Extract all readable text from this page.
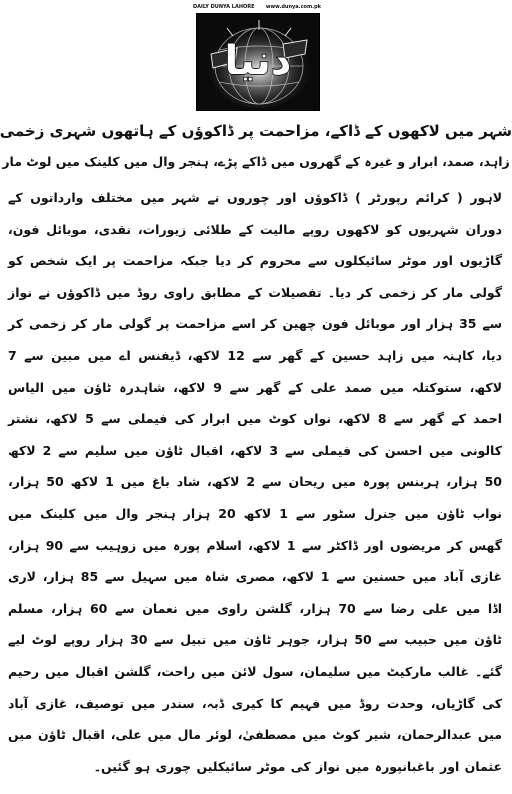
DAILY DUNYA LAHORE www.dunya.com.pk
دنیا
شہر میں لاکھوں کے ڈاکے، مزاحمت پر ڈاکوؤں کے ہاتھوں شہری زخمی
زاہد، صمد، ابرار و غیرہ کے گھروں میں ڈاکے پڑے، ہنجر وال میں کلینک میں لوٹ مار
لاہور ( کرائم رپورٹر ) ڈاکوؤں اور چوروں نے شہر میں مختلف وارداتوں کے دوران شہریوں کو لاکھوں روپے مالیت کے طلائی زیورات، نقدی، موبائل فون، گاڑیوں اور موٹر سائیکلوں سے محروم کر دیا جبکہ مزاحمت پر ایک شخص کو گولی مار کر زخمی کر دیا۔ تفصیلات کے مطابق راوی روڈ میں ڈاکوؤں نے نواز سے 35 ہزار اور موبائل فون چھین کر اسے مزاحمت پر گولی مار کر زخمی کر دیا، کاہنہ میں زاہد حسین کے گھر سے 12 لاکھ، ڈیفنس اے میں مبین سے 7 لاکھ، ستوکتلہ میں صمد علی کے گھر سے 9 لاکھ، شاہدرہ ٹاؤن میں الیاس احمد کے گھر سے 8 لاکھ، نواں کوٹ میں ابرار کی فیملی سے 5 لاکھ، نشتر کالونی میں احسن کی فیملی سے 3 لاکھ، اقبال ٹاؤن میں سلیم سے 2 لاکھ 50 ہزار، ہربنس پورہ میں ریحان سے 2 لاکھ، شاد باغ میں 1 لاکھ 50 ہزار، نواب ٹاؤن میں جنرل سٹور سے 1 لاکھ 20 ہزار ہنجر وال میں کلینک میں گھس کر مریضوں اور ڈاکٹر سے 1 لاکھ، اسلام پورہ میں زوہیب سے 90 ہزار، غازی آباد میں حسنین سے 1 لاکھ، مصری شاہ میں سہیل سے 85 ہزار، لاری اڈا میں علی رضا سے 70 ہزار، گلشن راوی میں نعمان سے 60 ہزار، مسلم ٹاؤن میں حبیب سے 50 ہزار، جوہر ٹاؤن میں نبیل سے 30 ہزار روپے لوٹ لیے گئے۔ غالب مارکیٹ میں سلیمان، سول لائن میں راحت، گلشن اقبال میں رحیم کی گاڑیاں، وحدت روڈ میں فہیم کا کیری ڈبہ، سندر میں توصیف، غازی آباد میں عبدالرحمان، شیر کوٹ میں مصطفیٰ، لوئر مال میں علی، اقبال ٹاؤن میں عثمان اور باغبانپورہ میں نواز کی موٹر سائیکلیں چوری ہو گئیں۔
